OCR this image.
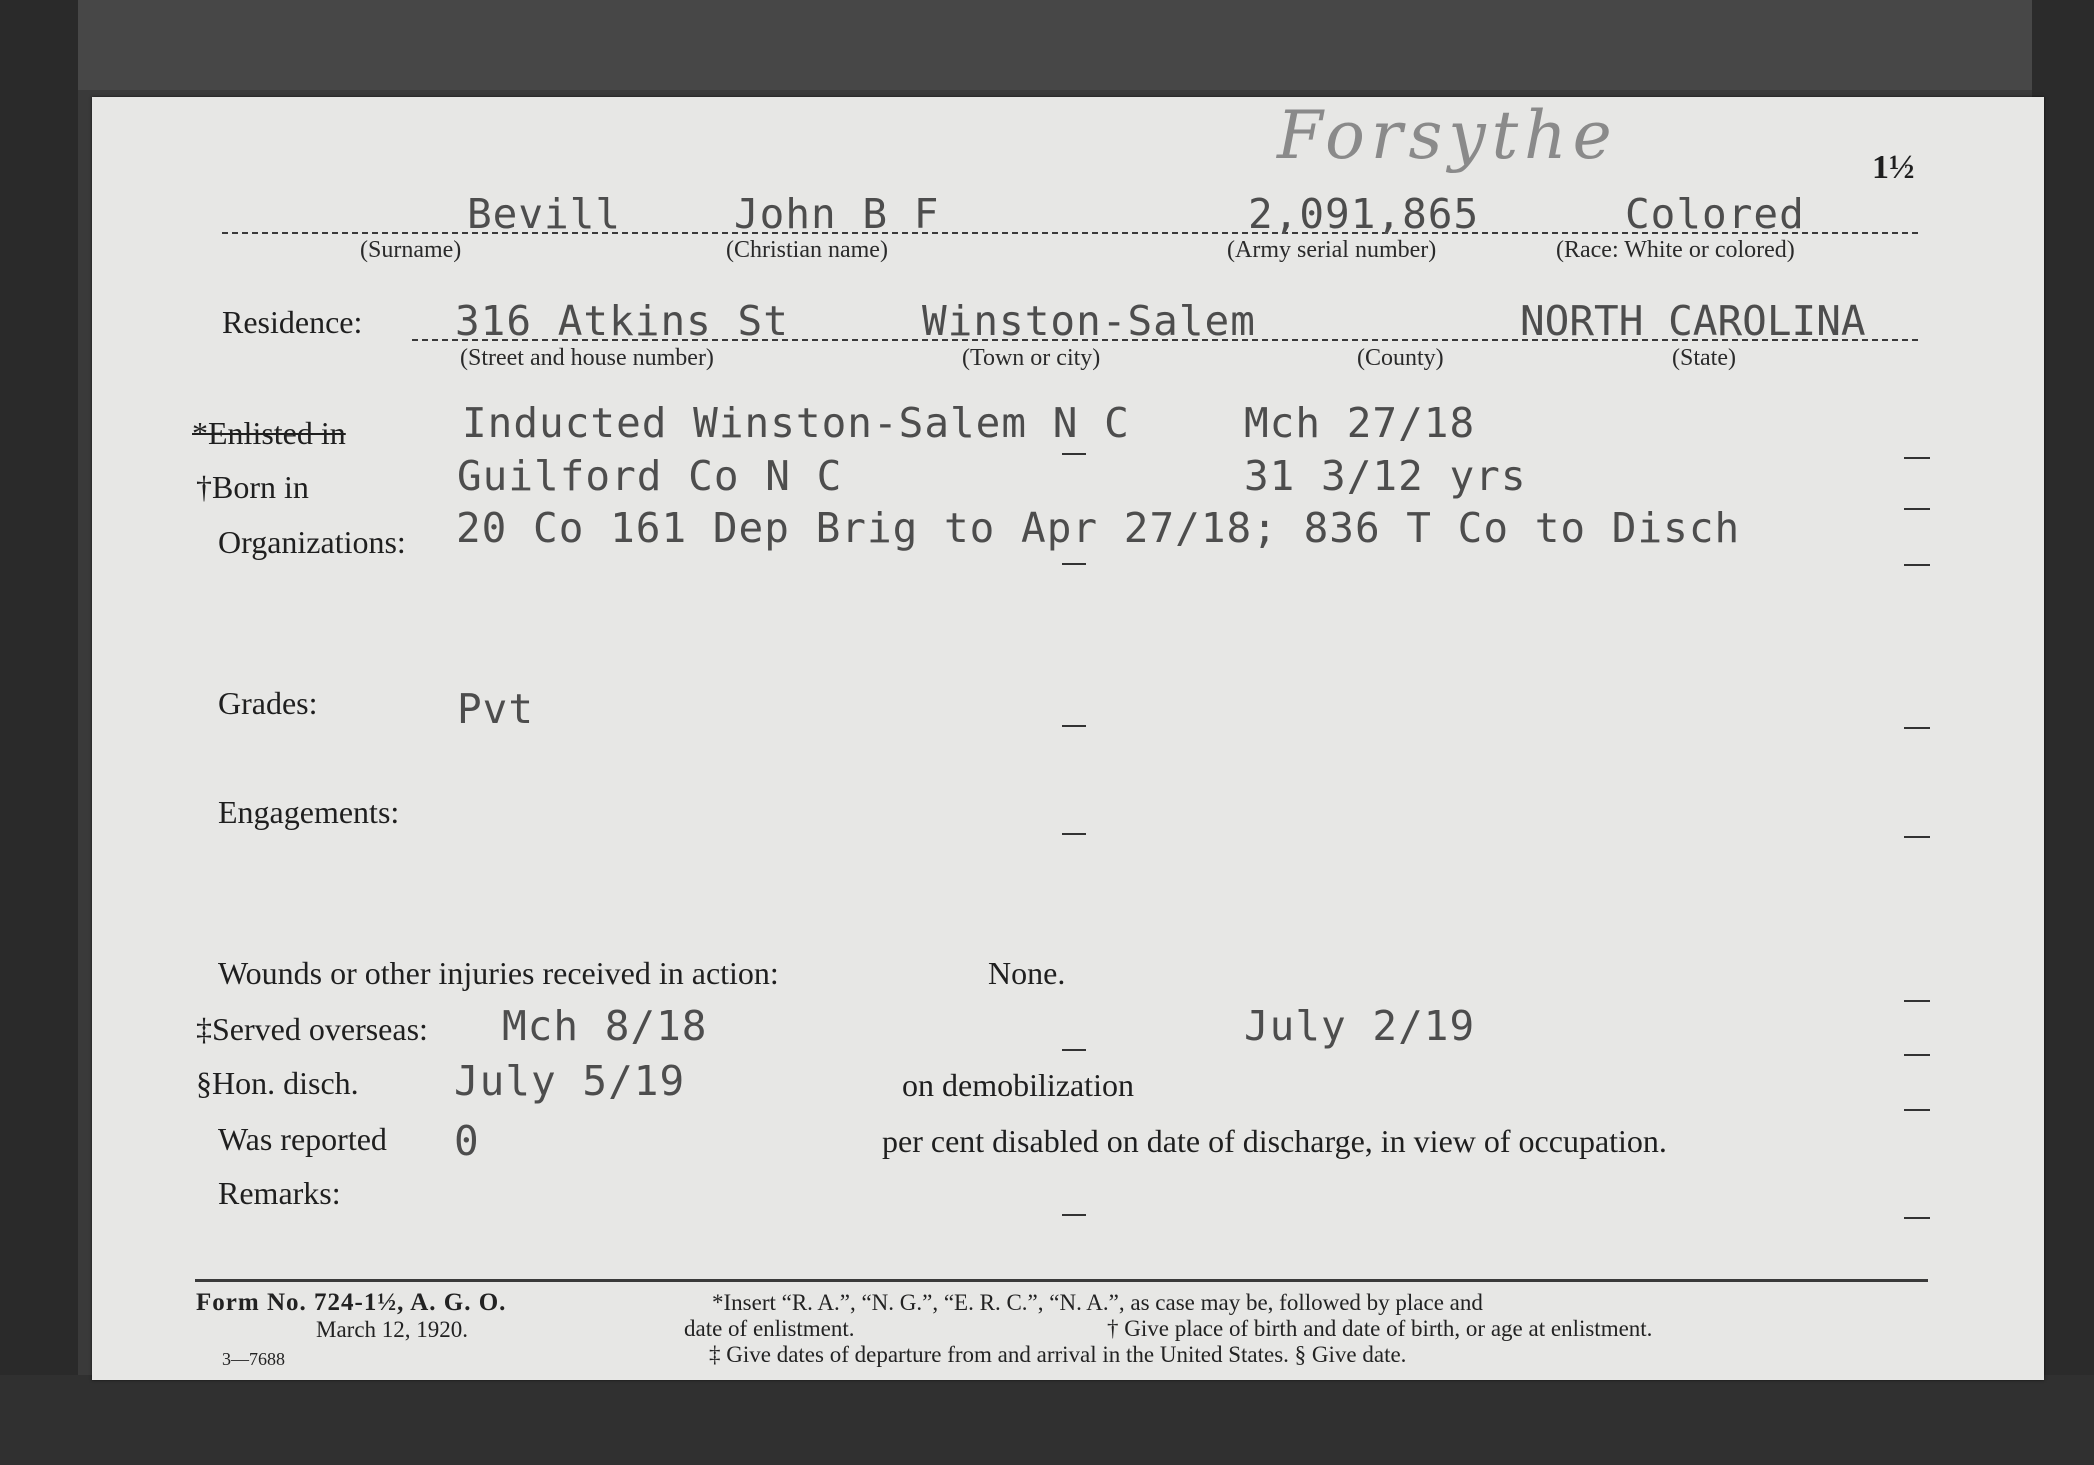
Forsythe	1½
Bevill	John B F	2,091,865	Colored
(Surname)	(Christian name)	(Army serial number)	(Race: White or colored)
Residence: 316 Atkins St	Winston-Salem	NORTH CAROLINA
(Street and house number)	(Town or city)	(County)	(State)
*Enlisted in	Inducted Winston-Salem N C	Mch 27/18
†Born in	Guilford Co N C	31 3/12 yrs
Organizations: 20 Co 161 Dep Brig to Apr 27/18; 836 T Co to Disch
Grades:	Pvt
Engagements:
Wounds or other injuries received in action:	None.
‡Served overseas: Mch 8/18	July 2/19
§Hon. disch. July 5/19	on demobilization
Was reported 0	per cent disabled on date of discharge, in view of occupation.
Remarks:
Form No. 724-1½, A. G. O.
March 12, 1920.
3—7688
*Insert “R. A.”, “N. G.”, “E. R. C.”, “N. A.”, as case may be, followed by place and
date of enlistment.	† Give place of birth and date of birth, or age at enlistment.
‡ Give dates of departure from and arrival in the United States. § Give date.
